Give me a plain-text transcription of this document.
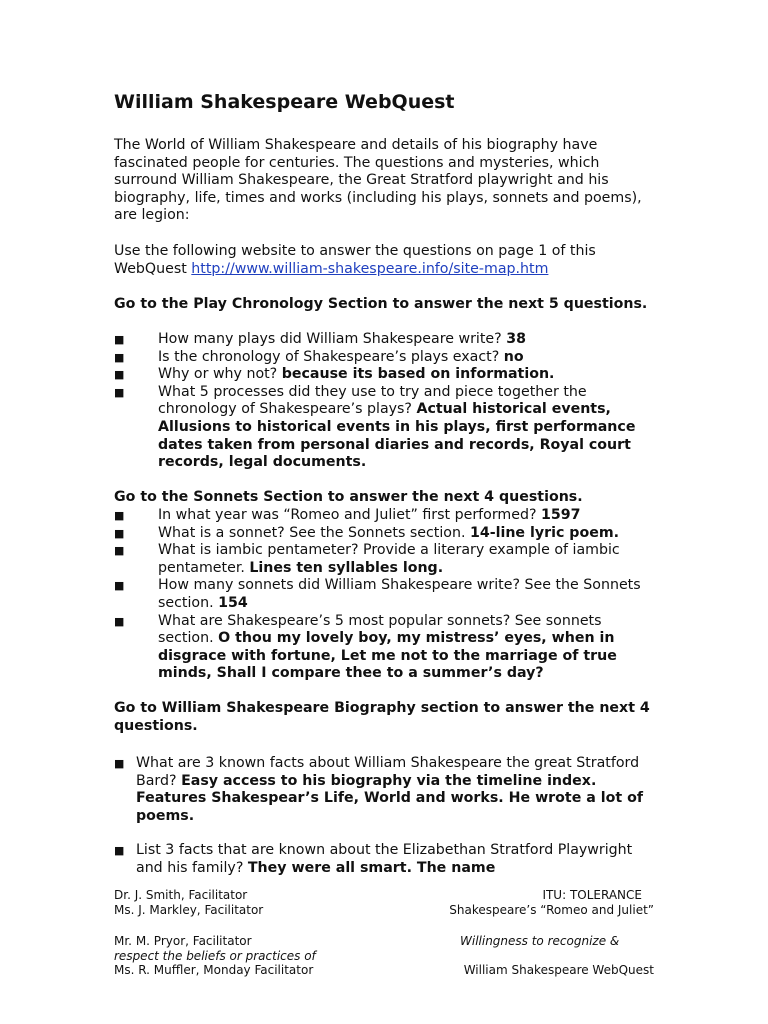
William Shakespeare WebQuest

The World of William Shakespeare and details of his biography have fascinated people for centuries. The questions and mysteries, which surround William Shakespeare, the Great Stratford playwright and his biography, life, times and works (including his plays, sonnets and poems), are legion:

Use the following website to answer the questions on page 1 of this WebQuest http://www.william-shakespeare.info/site-map.htm

Go to the Play Chronology Section to answer the next 5 questions.

■ How many plays did William Shakespeare write? 38
■ Is the chronology of Shakespeare’s plays exact? no
■ Why or why not? because its based on information.
■ What 5 processes did they use to try and piece together the chronology of Shakespeare’s plays? Actual historical events, Allusions to historical events in his plays, first performance dates taken from personal diaries and records, Royal court records, legal documents.

Go to the Sonnets Section to answer the next 4 questions.

■ In what year was “Romeo and Juliet” first performed? 1597
■ What is a sonnet? See the Sonnets section. 14-line lyric poem.
■ What is iambic pentameter? Provide a literary example of iambic pentameter. Lines ten syllables long.
■ How many sonnets did William Shakespeare write? See the Sonnets section. 154
■ What are Shakespeare’s 5 most popular sonnets? See sonnets section. O thou my lovely boy, my mistress’ eyes, when in disgrace with fortune, Let me not to the marriage of true minds, Shall I compare thee to a summer’s day?

Go to William Shakespeare Biography section to answer the next 4 questions.

■ What are 3 known facts about William Shakespeare the great Stratford Bard? Easy access to his biography via the timeline index. Features Shakespear’s Life, World and works. He wrote a lot of poems.
■ List 3 facts that are known about the Elizabethan Stratford Playwright and his family? They were all smart. The name
Dr. J. Smith, Facilitator	ITU: TOLERANCE
Ms. J. Markley, Facilitator	Shakespeare’s “Romeo and Juliet”
Mr. M. Pryor, Facilitator	Willingness to recognize &
respect the beliefs or practices of
Ms. R. Muffler, Monday Facilitator	William Shakespeare WebQuest
